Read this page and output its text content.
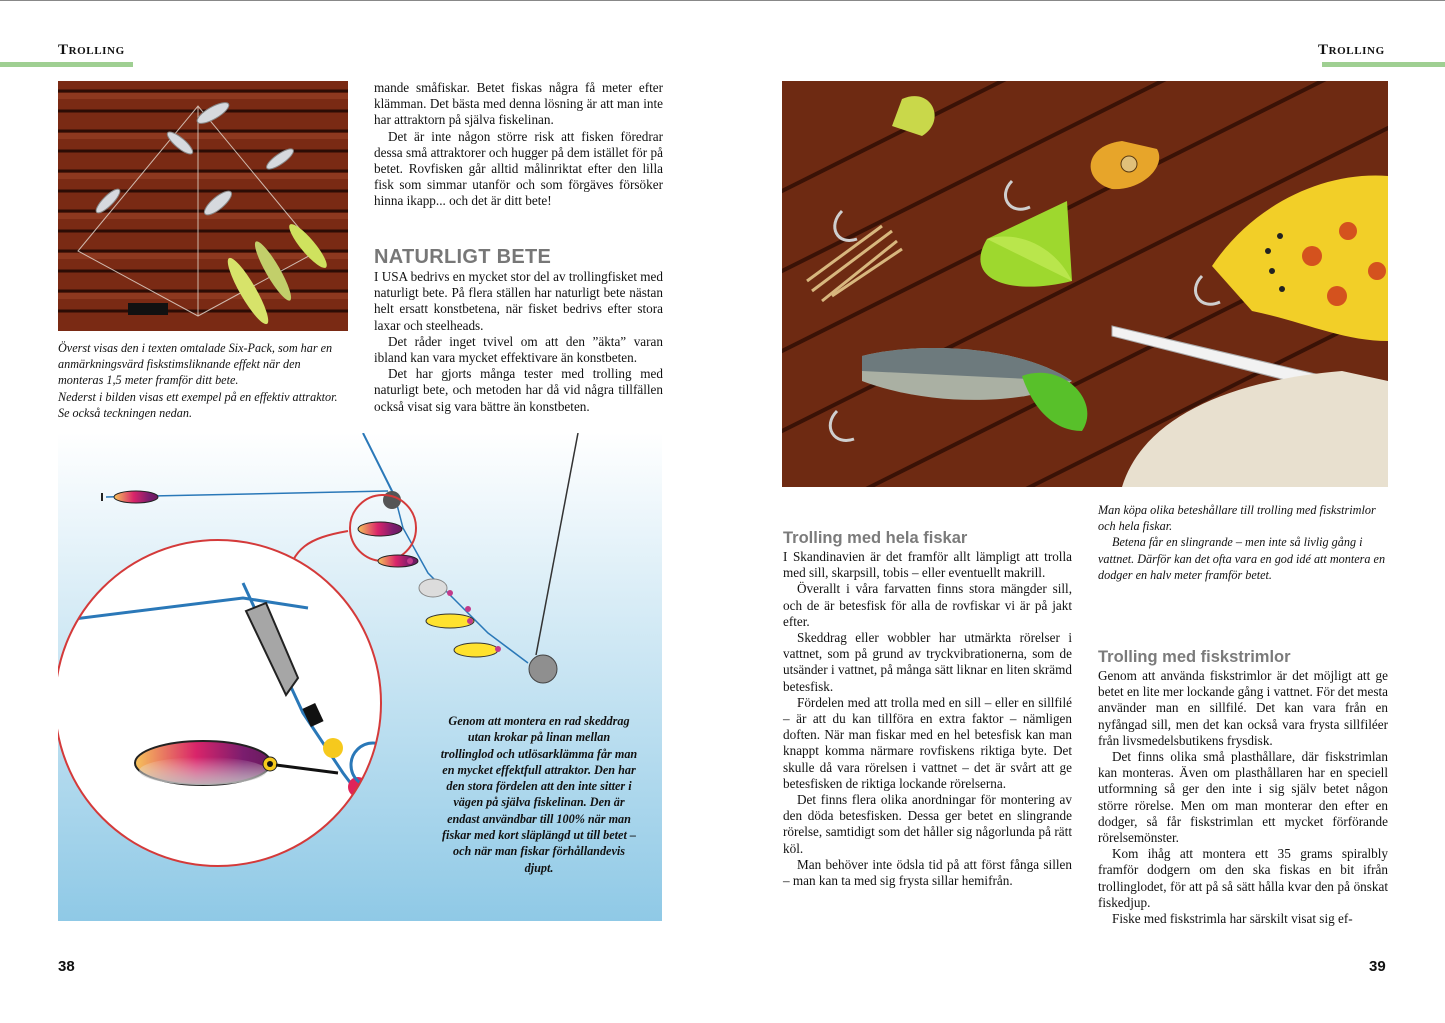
Trolling	Trolling

Överst visas den i texten omtalade Six-Pack, som har en anmärkningsvärd fiskstimsliknande effekt när den monteras 1,5 meter framför ditt bete.

Nederst i bilden visas ett exempel på en effektiv attraktor. Se också teckningen nedan.

mande småfiskar. Betet fiskas några få meter efter klämman. Det bästa med denna lösning är att man inte har attraktorn på själva fiskelinan.

Det är inte någon större risk att fisken föredrar dessa små attraktorer och hugger på dem istället för på betet. Rovfisken går alltid målinriktat efter den lilla fisk som simmar utanför och som förgäves försöker hinna ikapp... och det är ditt bete!

NATURLIGT BETE

I USA bedrivs en mycket stor del av trollingfisket med naturligt bete. På flera ställen har naturligt bete nästan helt ersatt konstbetena, när fisket bedrivs efter stora laxar och steelheads.

Det råder inget tvivel om att den ”äkta” varan ibland kan vara mycket effektivare än konstbeten.

Det har gjorts många tester med trolling med naturligt bete, och metoden har då vid några tillfällen också visat sig vara bättre än konstbeten.

Genom att montera en rad skeddrag utan krokar på linan mellan trollinglod och utlösarklämma får man en mycket effektfull attraktor. Den har den stora fördelen att den inte sitter i vägen på själva fiskelinan. Den är endast användbar till 100% när man fiskar med kort släplängd ut till betet – och när man fiskar förhållandevis djupt.

Man köpa olika beteshållare till trolling med fiskstrimlor och hela fiskar.

Betena får en slingrande – men inte så livlig gång i vattnet. Därför kan det ofta vara en god idé att montera en dodger en halv meter framför betet.

Trolling med hela fiskar

I Skandinavien är det framför allt lämpligt att trolla med sill, skarpsill, tobis – eller eventuellt makrill.

Överallt i våra farvatten finns stora mängder sill, och de är betesfisk för alla de rovfiskar vi är på jakt efter.

Skeddrag eller wobbler har utmärkta rörelser i vattnet, som på grund av tryckvibrationerna, som de utsänder i vattnet, på många sätt liknar en liten skrämd betesfisk.

Fördelen med att trolla med en sill – eller en sillfilé – är att du kan tillföra en extra faktor – nämligen doften. När man fiskar med en hel betesfisk kan man knappt komma närmare rovfiskens riktiga byte. Det skulle då vara rörelsen i vattnet – det är svårt att ge betesfisken de riktiga lockande rörelserna.

Det finns flera olika anordningar för montering av den döda betesfisken. Dessa ger betet en slingrande rörelse, samtidigt som det håller sig någorlunda på rätt köl.

Man behöver inte ödsla tid på att först fånga sillen – man kan ta med sig frysta sillar hemifrån.

Trolling med fiskstrimlor

Genom att använda fiskstrimlor är det möjligt att ge betet en lite mer lockande gång i vattnet. För det mesta använder man en sillfilé. Det kan vara från en nyfångad sill, men det kan också vara frysta sillfiléer från livsmedelsbutikens frysdisk.

Det finns olika små plasthållare, där fiskstrimlan kan monteras. Även om plasthållaren har en speciell utformning så ger den inte i sig själv betet någon större rörelse. Men om man monterar den efter en dodger, så får fiskstrimlan ett mycket förförande rörelsemönster.

Kom ihåg att montera ett 35 grams spiralbly framför dodgern om den ska fiskas en bit ifrån trollinglodet, för att på så sätt hålla kvar den på önskat fiskedjup.

Fiske med fiskstrimla har särskilt visat sig ef-

38	39
